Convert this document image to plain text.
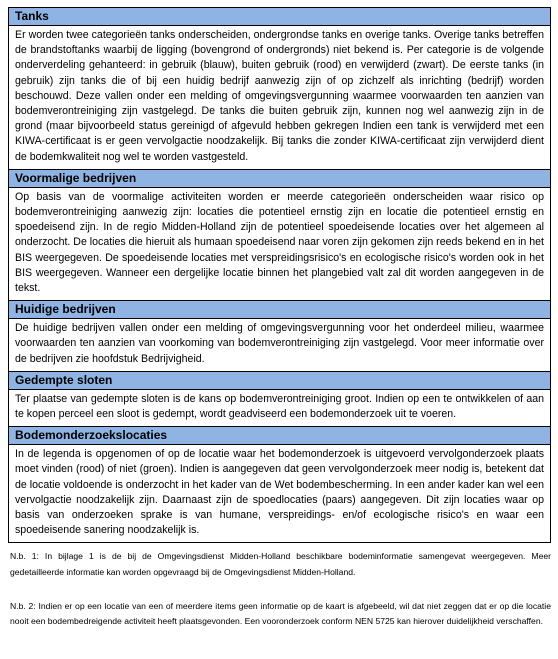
Tanks
Er worden twee categorieën tanks onderscheiden, ondergrondse tanks en overige tanks. Overige tanks betreffen de brandstoftanks waarbij de ligging (bovengrond of ondergronds) niet bekend is. Per categorie is de volgende onderverdeling gehanteerd: in gebruik (blauw), buiten gebruik (rood) en verwijderd (zwart). De eerste tanks (in gebruik) zijn tanks die of bij een huidig bedrijf aanwezig zijn of op zichzelf als inrichting (bedrijf) worden beschouwd. Deze vallen onder een melding of omgevingsvergunning waarmee voorwaarden ten aanzien van bodemverontreiniging zijn vastgelegd. De tanks die buiten gebruik zijn, kunnen nog wel aanwezig zijn in de grond (maar bijvoorbeeld status gereinigd of afgevuld hebben gekregen Indien een tank is verwijderd met een KIWA-certificaat is er geen vervolgactie noodzakelijk. Bij tanks die zonder KIWA-certificaat zijn verwijderd dient de bodemkwaliteit nog wel te worden vastgesteld.
Voormalige bedrijven
Op basis van de voormalige activiteiten worden er meerde categorieën onderscheiden waar risico op bodemverontreiniging aanwezig zijn: locaties die potentieel ernstig zijn en locatie die potentieel ernstig en spoedeisend zijn. In de regio Midden-Holland zijn de potentieel spoedeisende locaties over het algemeen al onderzocht. De locaties die hieruit als humaan spoedeisend naar voren zijn gekomen zijn reeds bekend en in het BIS weergegeven. De spoedeisende locaties met verspreidingsrisico's en ecologische risico's worden ook in het BIS weergegeven. Wanneer een dergelijke locatie binnen het plangebied valt zal dit worden aangegeven in de tekst.
Huidige bedrijven
De huidige bedrijven vallen onder een melding of omgevingsvergunning voor het onderdeel milieu, waarmee voorwaarden ten aanzien van voorkoming van bodemverontreiniging zijn vastgelegd. Voor meer informatie over de bedrijven zie hoofdstuk Bedrijvigheid.
Gedempte sloten
Ter plaatse van gedempte sloten is de kans op bodemverontreiniging groot. Indien op een te ontwikkelen of aan te kopen perceel een sloot is gedempt, wordt geadviseerd een bodemonderzoek uit te voeren.
Bodemonderzoekslocaties
In de legenda is opgenomen of op de locatie waar het bodemonderzoek is uitgevoerd vervolgonderzoek plaats moet vinden (rood) of niet (groen). Indien is aangegeven dat geen vervolgonderzoek meer nodig is, betekent dat de locatie voldoende is onderzocht in het kader van de Wet bodembescherming. In een ander kader kan wel een vervolgactie noodzakelijk zijn. Daarnaast zijn de spoedlocaties (paars) aangegeven. Dit zijn locaties waar op basis van onderzoeken sprake is van humane, verspreidings- en/of ecologische risico's en waar een spoedeisende sanering noodzakelijk is.
N.b. 1: In bijlage 1 is de bij de Omgevingsdienst Midden-Holland beschikbare bodeminformatie samengevat weergegeven. Meer gedetailleerde informatie kan worden opgevraagd bij de Omgevingsdienst Midden-Holland.
N.b. 2: Indien er op een locatie van een of meerdere items geen informatie op de kaart is afgebeeld, wil dat niet zeggen dat er op die locatie nooit een bodembedreigende activiteit heeft plaatsgevonden. Een vooronderzoek conform NEN 5725 kan hierover duidelijkheid verschaffen.
